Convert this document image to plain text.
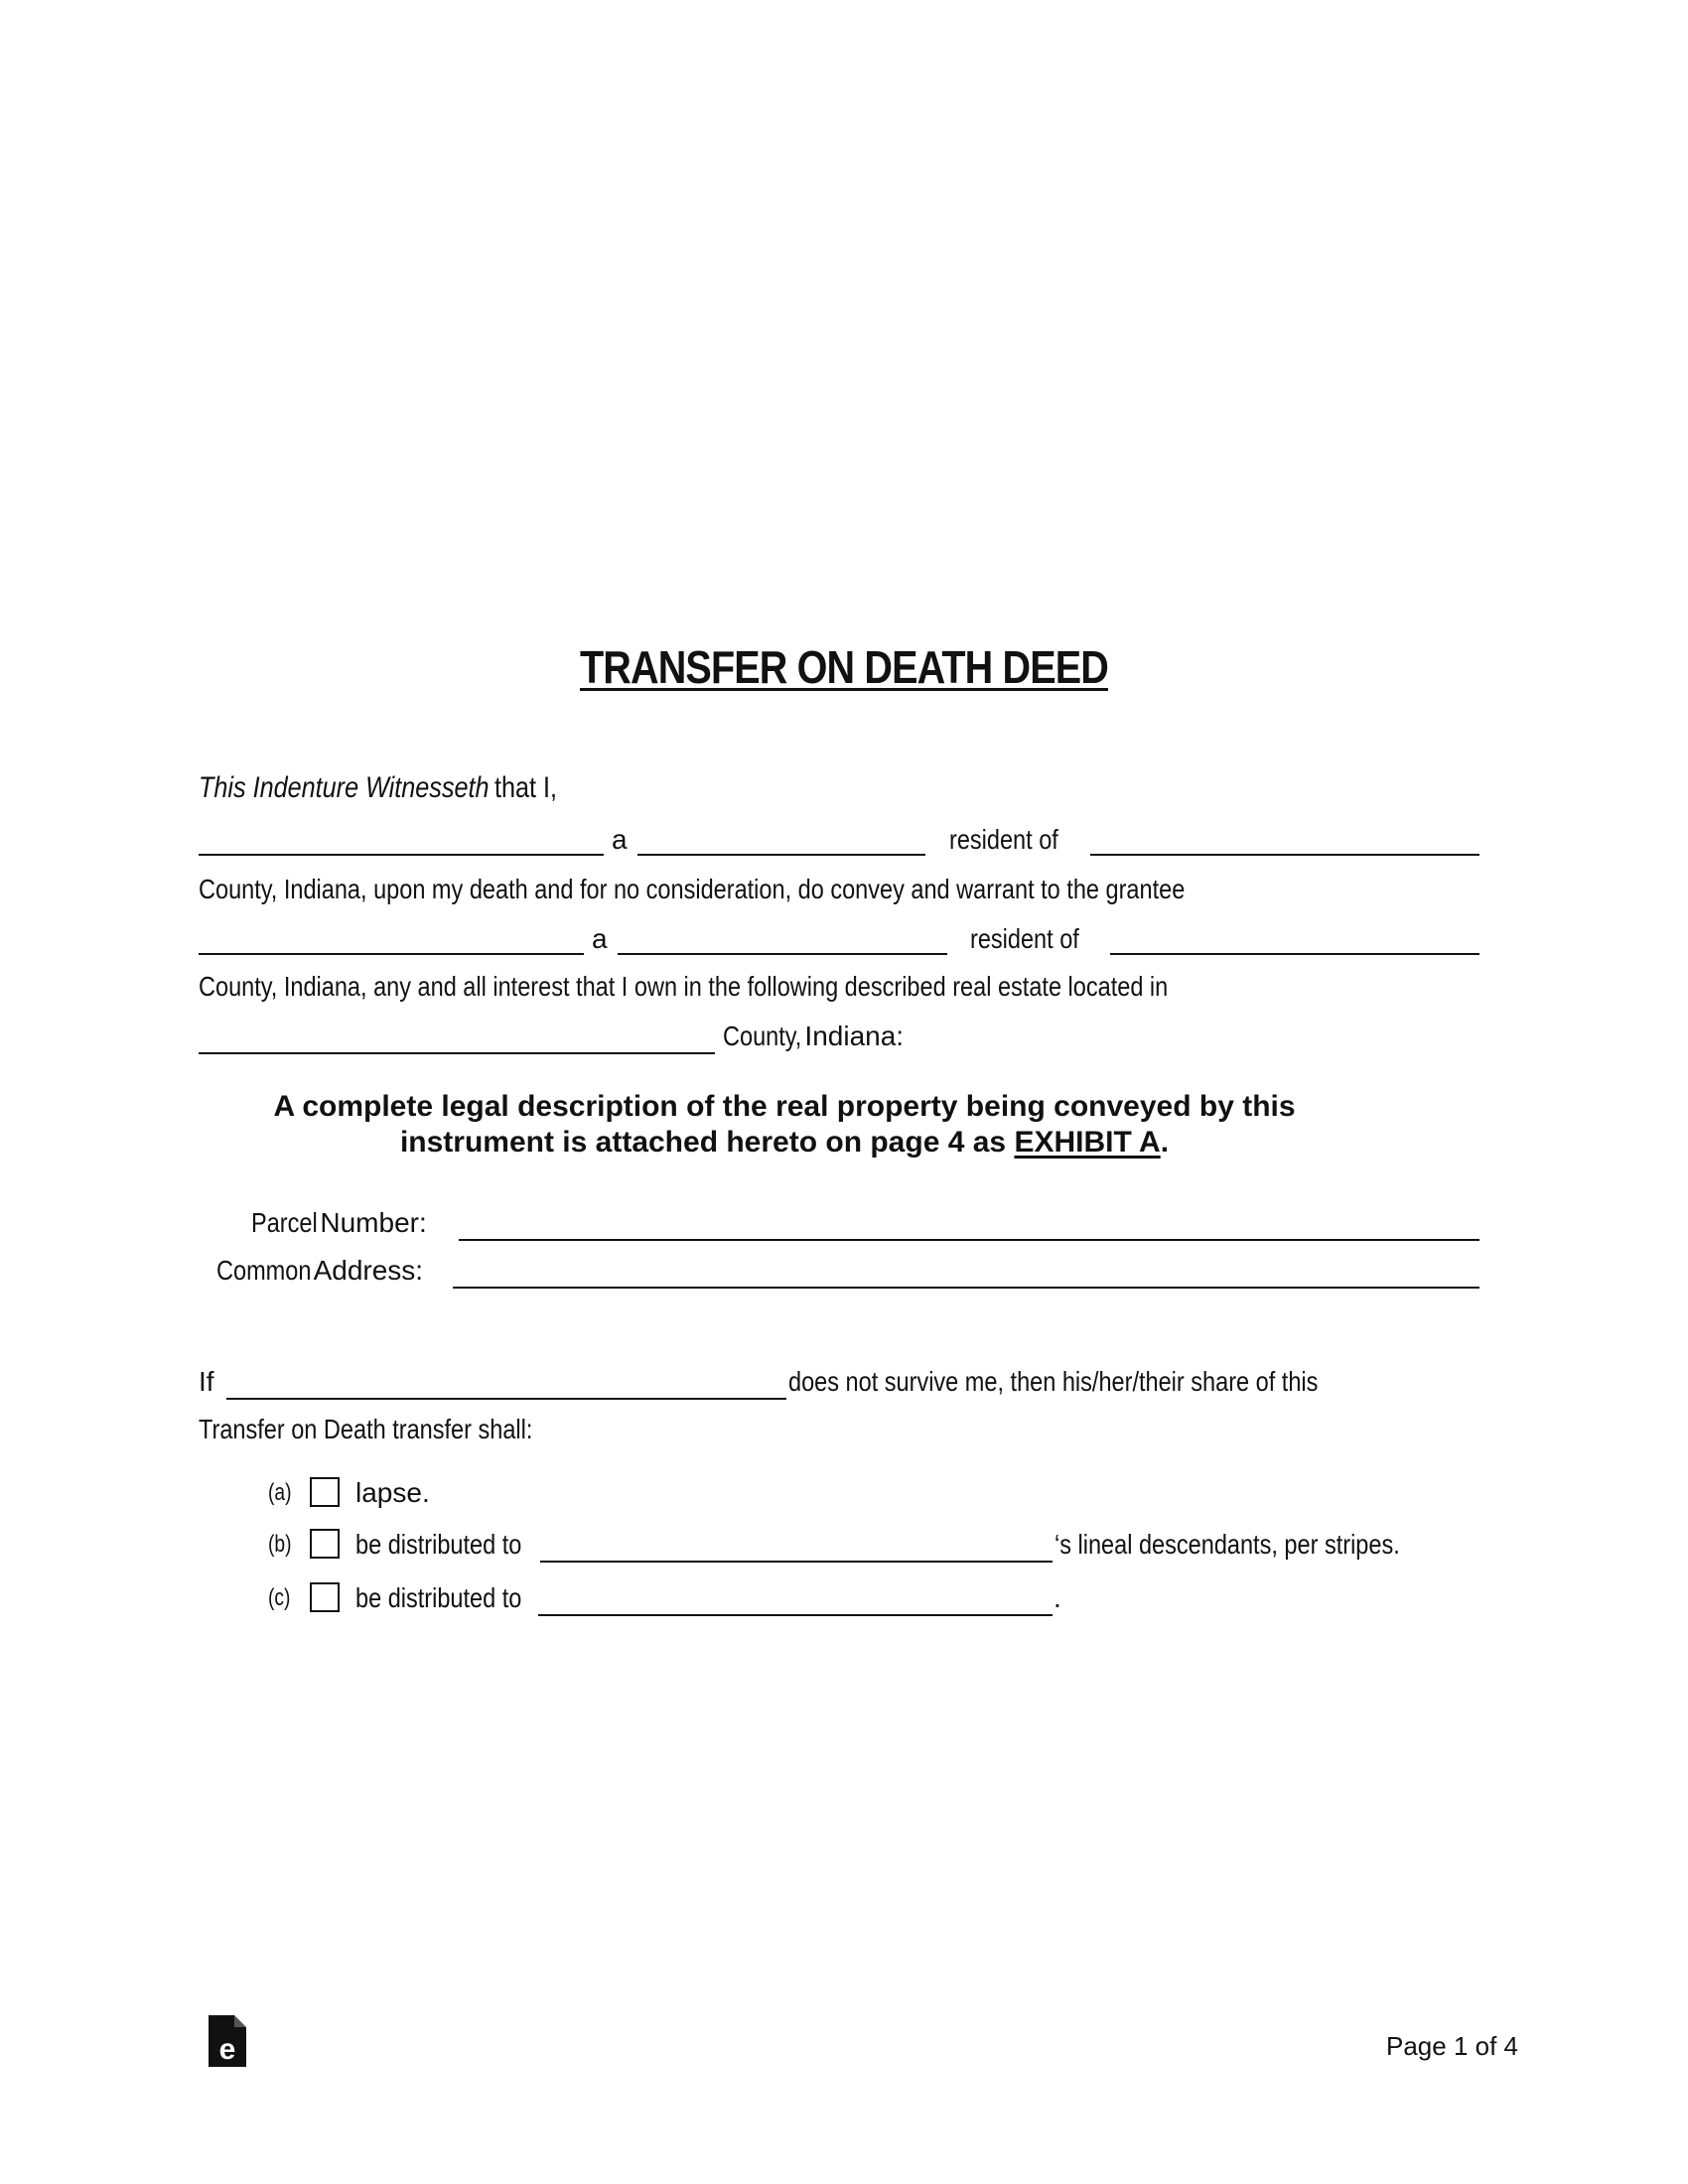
TRANSFER ON DEATH DEED
This Indenture Witnesseththat I,
a	resident of
County, Indiana, upon my death and for no consideration, do convey and warrant to the grantee
a	resident of
County, Indiana, any and all interest that I own in the following described real estate located in
County,Indiana:
A complete legal description of the real property being conveyed by this
instrument is attached hereto on page 4 as EXHIBIT A.
ParcelNumber:
CommonAddress:
If	does not survive me, then his/her/their share of this
Transfer on Death transfer shall:
(a) lapse.
(b) be distributed to	‘s lineal descendants, per stripes.
(c) be distributed to	.
e	Page 1 of 4
